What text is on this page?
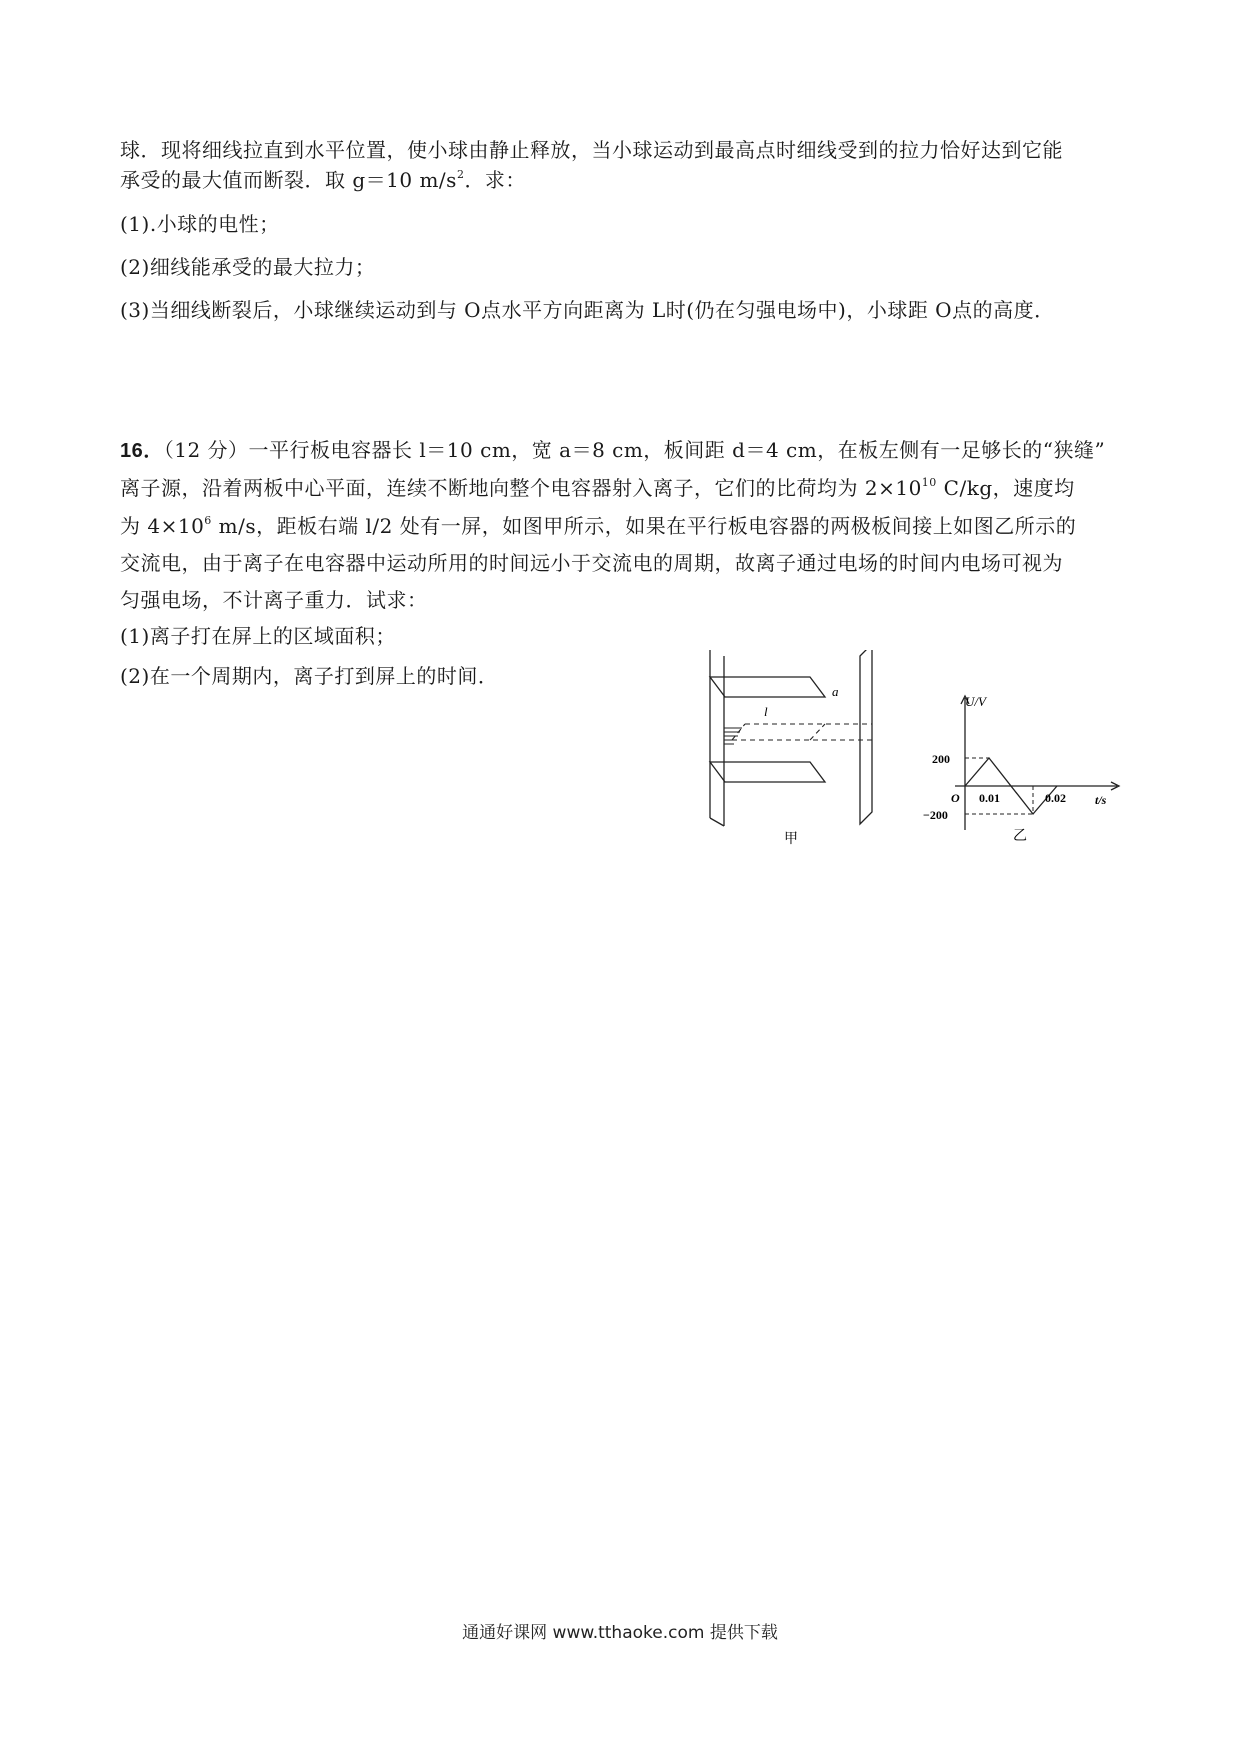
球．现将细线拉直到水平位置，使小球由静止释放，当小球运动到最高点时细线受到的拉力恰好达到它能
承受的最大值而断裂．取 g＝10 $m/s^2$．求：
(1).小球的电性；
(2)细线能承受的最大拉力；
(3)当细线断裂后，小球继续运动到与 O点水平方向距离为 L时(仍在匀强电场中)，小球距 O点的高度．
16．（12 分）一平行板电容器长 l＝10 cm，宽 a＝8 cm，板间距 d＝4 cm，在板左侧有一足够长的“狭缝”
离子源，沿着两板中心平面，连续不断地向整个电容器射入离子，它们的比荷均为 $2\times 10^{10}$ C/kg，速度均
为 $4\times 10^6$ m/s，距板右端 l/2 处有一屏，如图甲所示，如果在平行板电容器的两极板间接上如图乙所示的
交流电，由于离子在电容器中运动所用的时间远小于交流电的周期，故离子通过电场的时间内电场可视为
匀强电场，不计离子重力．试求：
(1)离子打在屏上的区域面积；
(2)在一个周期内，离子打到屏上的时间．
l
a
甲
U/V
200
O 0.01	0.02 t/s
−200
乙
通通好课网 www.tthaoke.com 提供下载
